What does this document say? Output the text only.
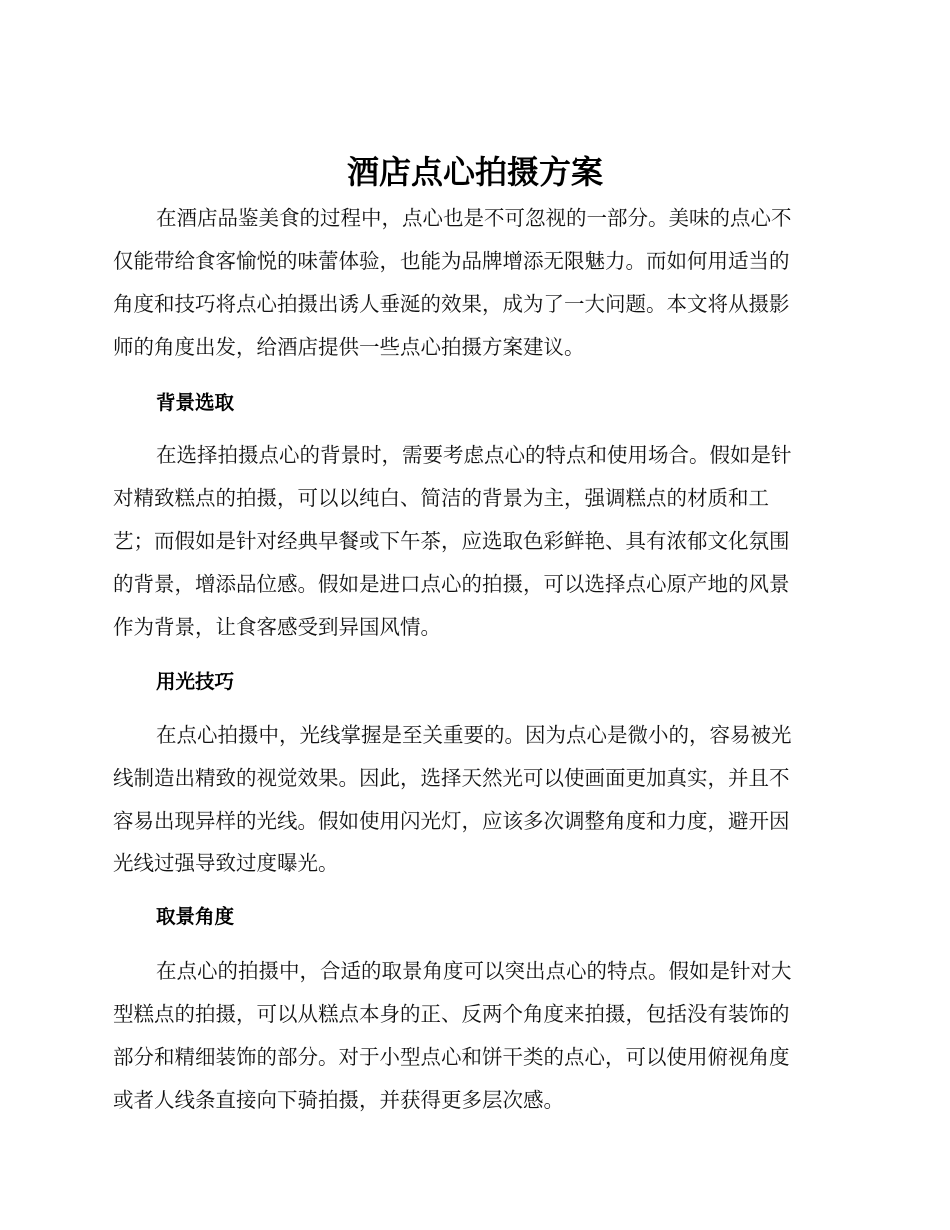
酒店点心拍摄方案
在酒店品鉴美食的过程中，点心也是不可忽视的一部分。美味的点心不
仅能带给食客愉悦的味蕾体验，也能为品牌增添无限魅力。而如何用适当的
角度和技巧将点心拍摄出诱人垂涎的效果，成为了一大问题。本文将从摄影
师的角度出发，给酒店提供一些点心拍摄方案建议。
背景选取
在选择拍摄点心的背景时，需要考虑点心的特点和使用场合。假如是针
对精致糕点的拍摄，可以以纯白、简洁的背景为主，强调糕点的材质和工
艺；而假如是针对经典早餐或下午茶，应选取色彩鲜艳、具有浓郁文化氛围
的背景，增添品位感。假如是进口点心的拍摄，可以选择点心原产地的风景
作为背景，让食客感受到异国风情。
用光技巧
在点心拍摄中，光线掌握是至关重要的。因为点心是微小的，容易被光
线制造出精致的视觉效果。因此，选择天然光可以使画面更加真实，并且不
容易出现异样的光线。假如使用闪光灯，应该多次调整角度和力度，避开因
光线过强导致过度曝光。
取景角度
在点心的拍摄中，合适的取景角度可以突出点心的特点。假如是针对大
型糕点的拍摄，可以从糕点本身的正、反两个角度来拍摄，包括没有装饰的
部分和精细装饰的部分。对于小型点心和饼干类的点心，可以使用俯视角度
或者人线条直接向下骑拍摄，并获得更多层次感。
